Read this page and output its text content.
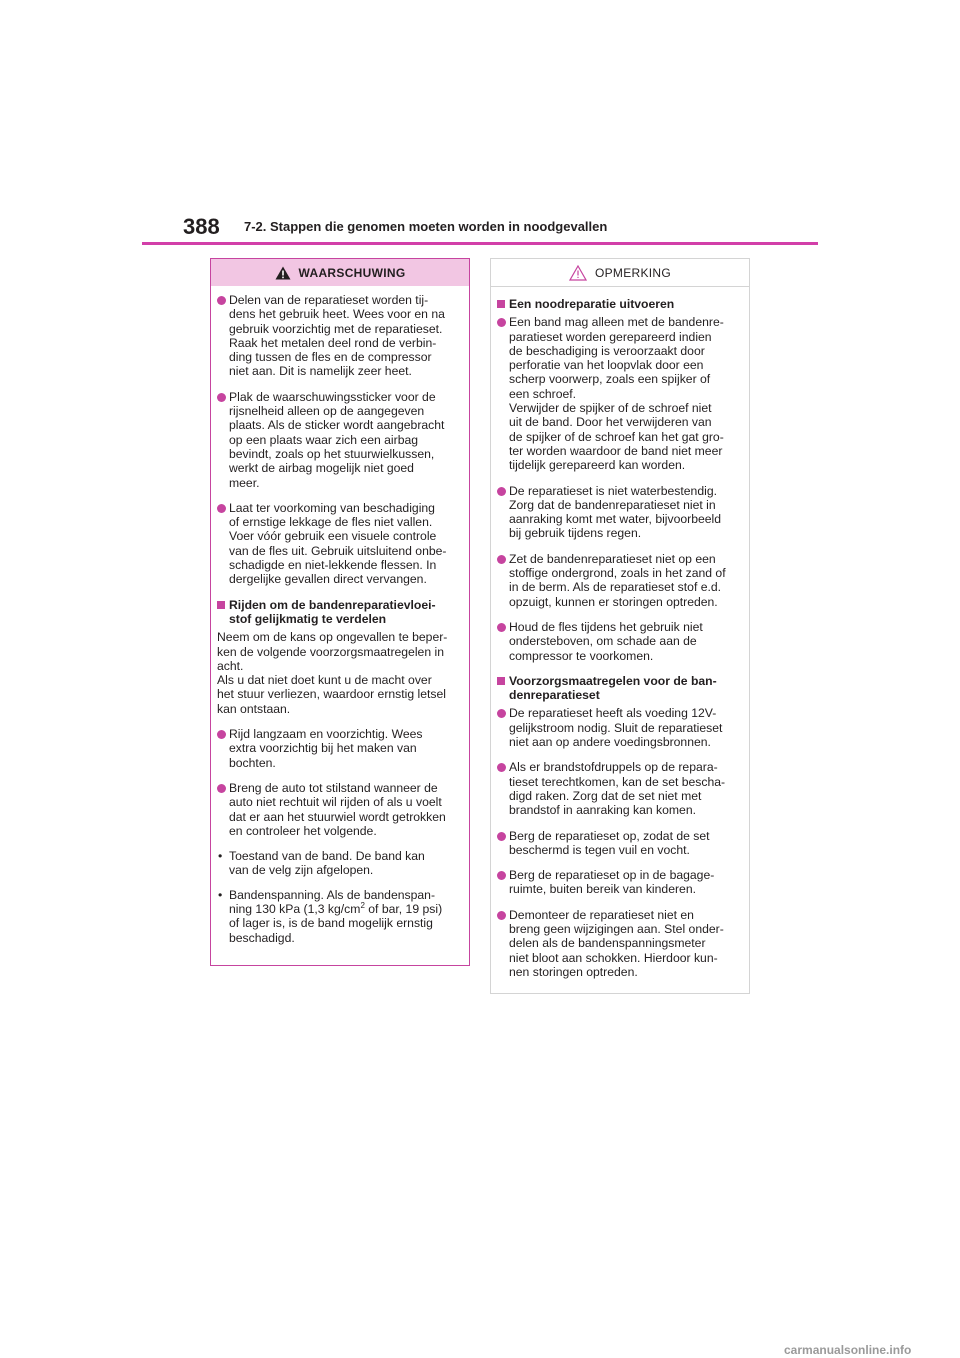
388 7-2. Stappen die genomen moeten worden in noodgevallen
WAARSCHUWING
Delen van de reparatieset worden tij-
dens het gebruik heet. Wees voor en na
gebruik voorzichtig met de reparatieset.
Raak het metalen deel rond de verbin-
ding tussen de fles en de compressor
niet aan. Dit is namelijk zeer heet.
Plak de waarschuwingssticker voor de
rijsnelheid alleen op de aangegeven
plaats. Als de sticker wordt aangebracht
op een plaats waar zich een airbag
bevindt, zoals op het stuurwielkussen,
werkt de airbag mogelijk niet goed
meer.
Laat ter voorkoming van beschadiging
of ernstige lekkage de fles niet vallen.
Voer vóór gebruik een visuele controle
van de fles uit. Gebruik uitsluitend onbe-
schadigde en niet-lekkende flessen. In
dergelijke gevallen direct vervangen.
Rijden om de bandenreparatievloei-
stof gelijkmatig te verdelen
Neem om de kans op ongevallen te beper-
ken de volgende voorzorgsmaatregelen in
acht.
Als u dat niet doet kunt u de macht over
het stuur verliezen, waardoor ernstig letsel
kan ontstaan.
Rijd langzaam en voorzichtig. Wees
extra voorzichtig bij het maken van
bochten.
Breng de auto tot stilstand wanneer de
auto niet rechtuit wil rijden of als u voelt
dat er aan het stuurwiel wordt getrokken
en controleer het volgende.
• Toestand van de band. De band kan
van de velg zijn afgelopen.
• Bandenspanning. Als de bandenspan-
ning 130 kPa (1,3 $kg/cm^2$ of bar, 19 psi)
of lager is, is de band mogelijk ernstig
beschadigd.
OPMERKING
Een noodreparatie uitvoeren
Een band mag alleen met de bandenre-
paratieset worden gerepareerd indien
de beschadiging is veroorzaakt door
perforatie van het loopvlak door een
scherp voorwerp, zoals een spijker of
een schroef.
Verwijder de spijker of de schroef niet
uit de band. Door het verwijderen van
de spijker of de schroef kan het gat gro-
ter worden waardoor de band niet meer
tijdelijk gerepareerd kan worden.
De reparatieset is niet waterbestendig.
Zorg dat de bandenreparatieset niet in
aanraking komt met water, bijvoorbeeld
bij gebruik tijdens regen.
Zet de bandenreparatieset niet op een
stoffige ondergrond, zoals in het zand of
in de berm. Als de reparatieset stof e.d.
opzuigt, kunnen er storingen optreden.
Houd de fles tijdens het gebruik niet
ondersteboven, om schade aan de
compressor te voorkomen.
Voorzorgsmaatregelen voor de ban-
denreparatieset
De reparatieset heeft als voeding 12V-
gelijkstroom nodig. Sluit de reparatieset
niet aan op andere voedingsbronnen.
Als er brandstofdruppels op de repara-
tieset terechtkomen, kan de set bescha-
digd raken. Zorg dat de set niet met
brandstof in aanraking kan komen.
Berg de reparatieset op, zodat de set
beschermd is tegen vuil en vocht.
Berg de reparatieset op in de bagage-
ruimte, buiten bereik van kinderen.
Demonteer de reparatieset niet en
breng geen wijzigingen aan. Stel onder-
delen als de bandenspanningsmeter
niet bloot aan schokken. Hierdoor kun-
nen storingen optreden.
carmanualsonline.info
